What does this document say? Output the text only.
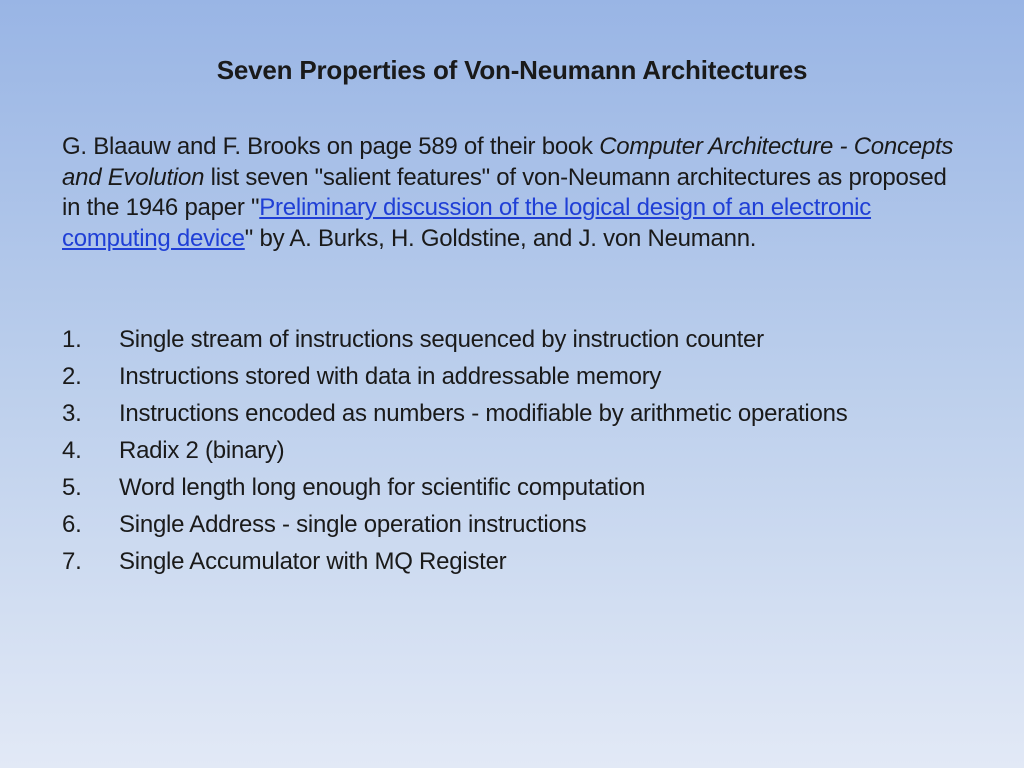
Seven Properties of Von-Neumann Architectures
G. Blaauw and F. Brooks on page 589 of their book Computer Architecture - Concepts and Evolution list seven "salient features" of von-Neumann architectures as proposed in the 1946 paper "Preliminary discussion of the logical design of an electronic computing device" by A. Burks, H. Goldstine, and J. von Neumann.
1.	Single stream of instructions sequenced by instruction counter
2.	Instructions stored with data in addressable memory
3.	Instructions encoded as numbers - modifiable by arithmetic operations
4.	Radix 2 (binary)
5.	Word length long enough for scientific computation
6.	Single Address - single operation instructions
7.	Single Accumulator with MQ Register
